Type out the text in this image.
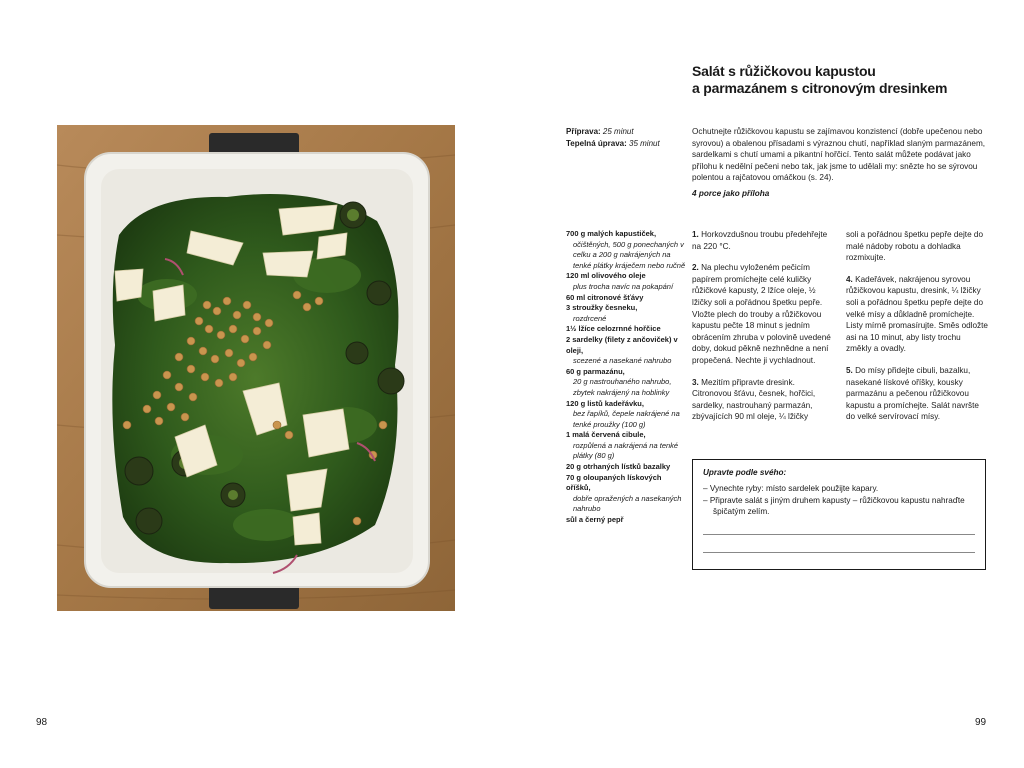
98
Salát s růžičkovou kapustou
a parmazánem s citronovým dresinkem
Příprava: 25 minut
Tepelná úprava: 35 minut
Ochutnejte růžičkovou kapustu se zajímavou konzistencí (dobře upečenou nebo syrovou) a obalenou přísadami s výraznou chutí, například slaným parmazánem, sardelkami s chutí umami a pikantní hořčicí. Tento salát můžete podávat jako přílohu k nedělní pečeni nebo tak, jak jsme to udělali my: snězte ho se sýrovou polentou a rajčatovou omáčkou (s. 24).
4 porce jako příloha
700 g malých kapustiček,
očištěných, 500 g ponechaných v celku a 200 g nakrájených na tenké plátky kráječem nebo ručně
120 ml olivového oleje
plus trocha navíc na pokapání
60 ml citronové šťávy
3 stroužky česneku,
rozdrcené
1½ lžíce celozrnné hořčice
2 sardelky (filety z ančoviček) v oleji,
scezené a nasekané nahrubo
60 g parmazánu,
20 g nastrouhaného nahrubo, zbytek nakrájený na hoblinky
120 g listů kadeřávku,
bez řapíků, čepele nakrájené na tenké proužky (100 g)
1 malá červená cibule,
rozpůlená a nakrájená na tenké plátky (80 g)
20 g otrhaných lístků bazalky
70 g oloupaných lískových oříšků,
dobře opražených a nasekaných nahrubo
sůl a černý pepř

1. Horkovzdušnou troubu předehřejte na 220 °C.

2. Na plechu vyloženém pečicím papírem promíchejte celé kuličky růžičkové kapusty, 2 lžíce oleje, ½ lžičky soli a pořádnou špetku pepře. Vložte plech do trouby a růžičkovou kapustu pečte 18 minut s jedním obrácením zhruba v polovině uvedené doby, dokud pěkně nezhnědne a není propečená. Nechte ji vychladnout.

3. Mezitím připravte dresink. Citronovou šťávu, česnek, hořčici, sardelky, nastrouhaný parmazán, zbývajících 90 ml oleje, ¼ lžičky

soli a pořádnou špetku pepře dejte do malé nádoby robotu a dohladka rozmixujte.

4. Kadeřávek, nakrájenou syrovou růžičkovou kapustu, dresink, ¼ lžičky soli a pořádnou špetku pepře dejte do velké mísy a důkladně promíchejte. Listy mírně promasírujte. Směs odložte asi na 10 minut, aby listy trochu změkly a ovadly.

5. Do mísy přidejte cibuli, bazalku, nasekané lískové oříšky, kousky parmazánu a pečenou růžičkovou kapustu a promíchejte. Salát navršte do velké servírovací mísy.

Upravte podle svého:
– Vynechte ryby: místo sardelek použijte kapary.
– Připravte salát s jiným druhem kapusty – růžičkovou kapustu nahraďte špičatým zelím.
99
